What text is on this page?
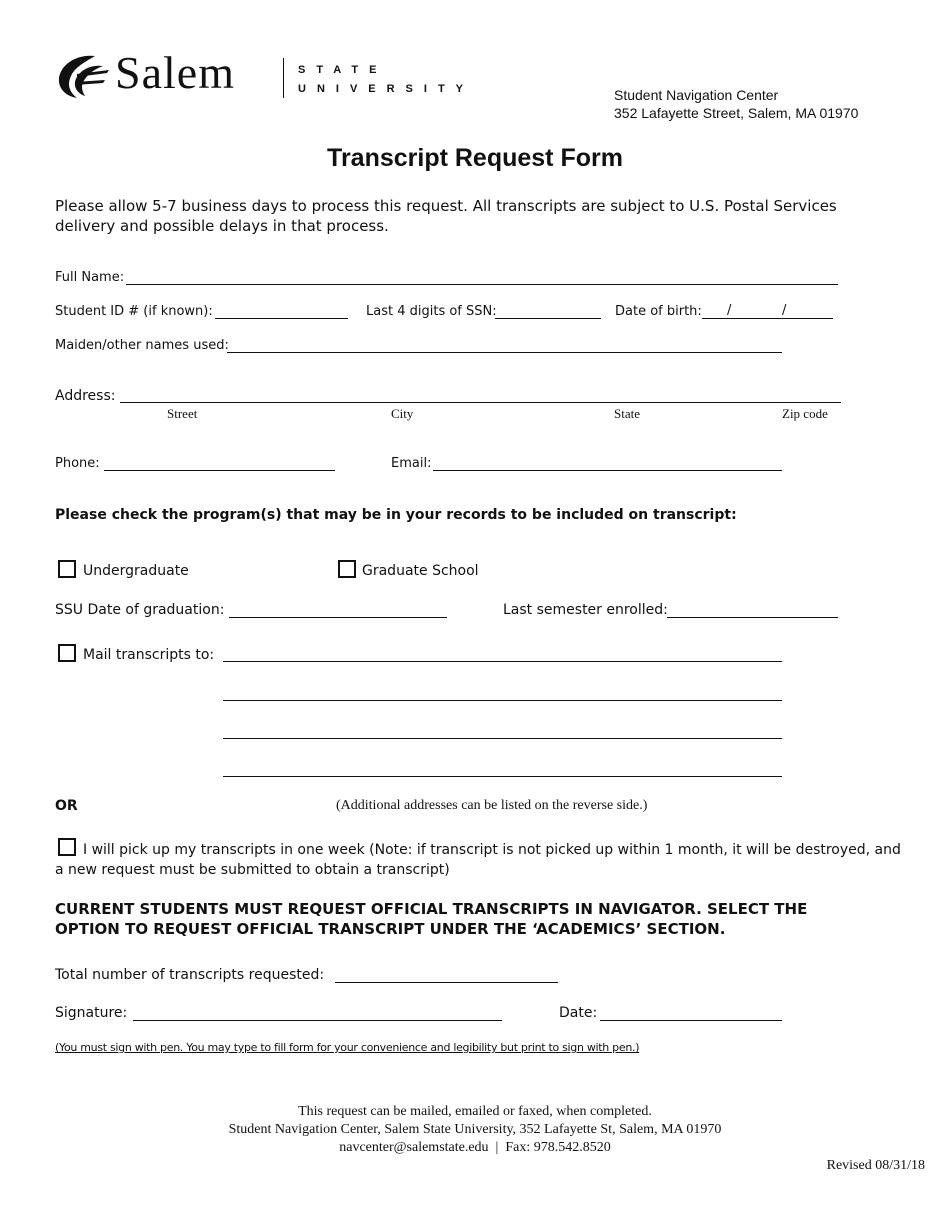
Salem	STATE
UNIVERSITY	Student Navigation Center
352 Lafayette Street, Salem, MA 01970
Transcript Request Form
Please allow 5-7 business days to process this request. All transcripts are subject to U.S. Postal Services
delivery and possible delays in that process.
Full Name:
Student ID # (if known):	Last 4 digits of SSN:	Date of birth: /	/
Maiden/other names used:
Address:
Street	City	State	Zip code
Phone:	Email:
Please check the program(s) that may be in your records to be included on transcript:
Undergraduate	Graduate School
SSU Date of graduation:	Last semester enrolled:
Mail transcripts to:
OR	(Additional addresses can be listed on the reverse side.)
I will pick up my transcripts in one week (Note: if transcript is not picked up within 1 month, it will be destroyed, and
a new request must be submitted to obtain a transcript)
CURRENT STUDENTS MUST REQUEST OFFICIAL TRANSCRIPTS IN NAVIGATOR. SELECT THE
OPTION TO REQUEST OFFICIAL TRANSCRIPT UNDER THE ‘ACADEMICS’ SECTION.
Total number of transcripts requested:
Signature:	Date:
(You must sign with pen. You may type to fill form for your convenience and legibility but print to sign with pen.)
This request can be mailed, emailed or faxed, when completed.
Student Navigation Center, Salem State University, 352 Lafayette St, Salem, MA 01970
navcenter@salemstate.edu  |  Fax: 978.542.8520
Revised 08/31/18
